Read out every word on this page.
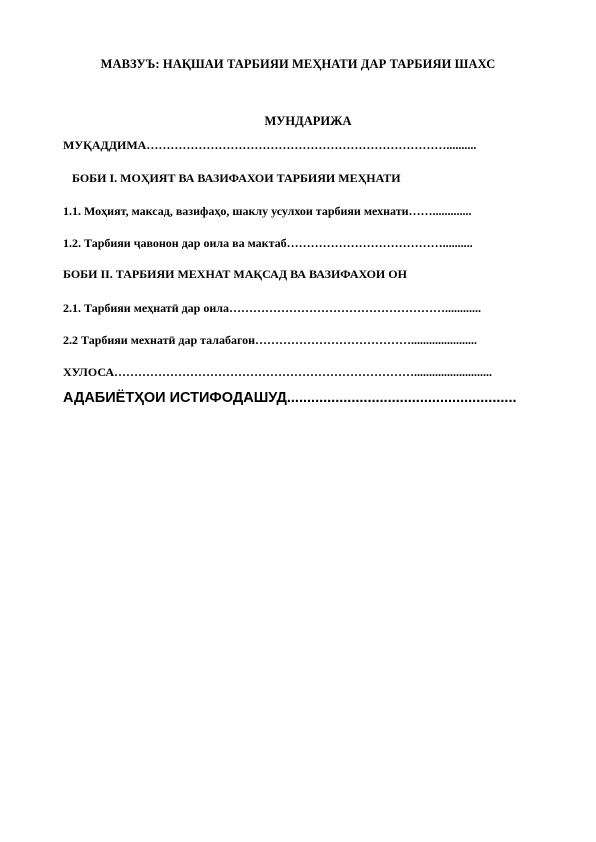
МАВЗУЪ: НАҚШАИ ТАРБИЯИ МЕҲНАТИ ДАР ТАРБИЯИ ШАХС
МУНДАРИЖА
МУҚАДДИМА…………………………………………………………………..........
БОБИ I. МОҲИЯТ ВА ВАЗИФАХОИ ТАРБИЯИ МЕҲНАТИ
1.1. Моҳият, максад, вазифаҳо, шаклу усулхои тарбияи мехнати…….............
1.2. Тарбияи ҷавонон дар оила ва мактаб…………………………………..........
БОБИ II. ТАРБИЯИ МЕХНАТ МАҚСАД ВА ВАЗИФАХОИ ОН
2.1. Тарбияи меҳнатӣ дар оила………………………………………………............
2.2 Тарбияи мехнатӣ дар талабагон…………………………………......................
ХУЛОСА…………………………………………………………………..........................
АДАБИЁТҲОИ ИСТИФОДАШУД.........................................................
